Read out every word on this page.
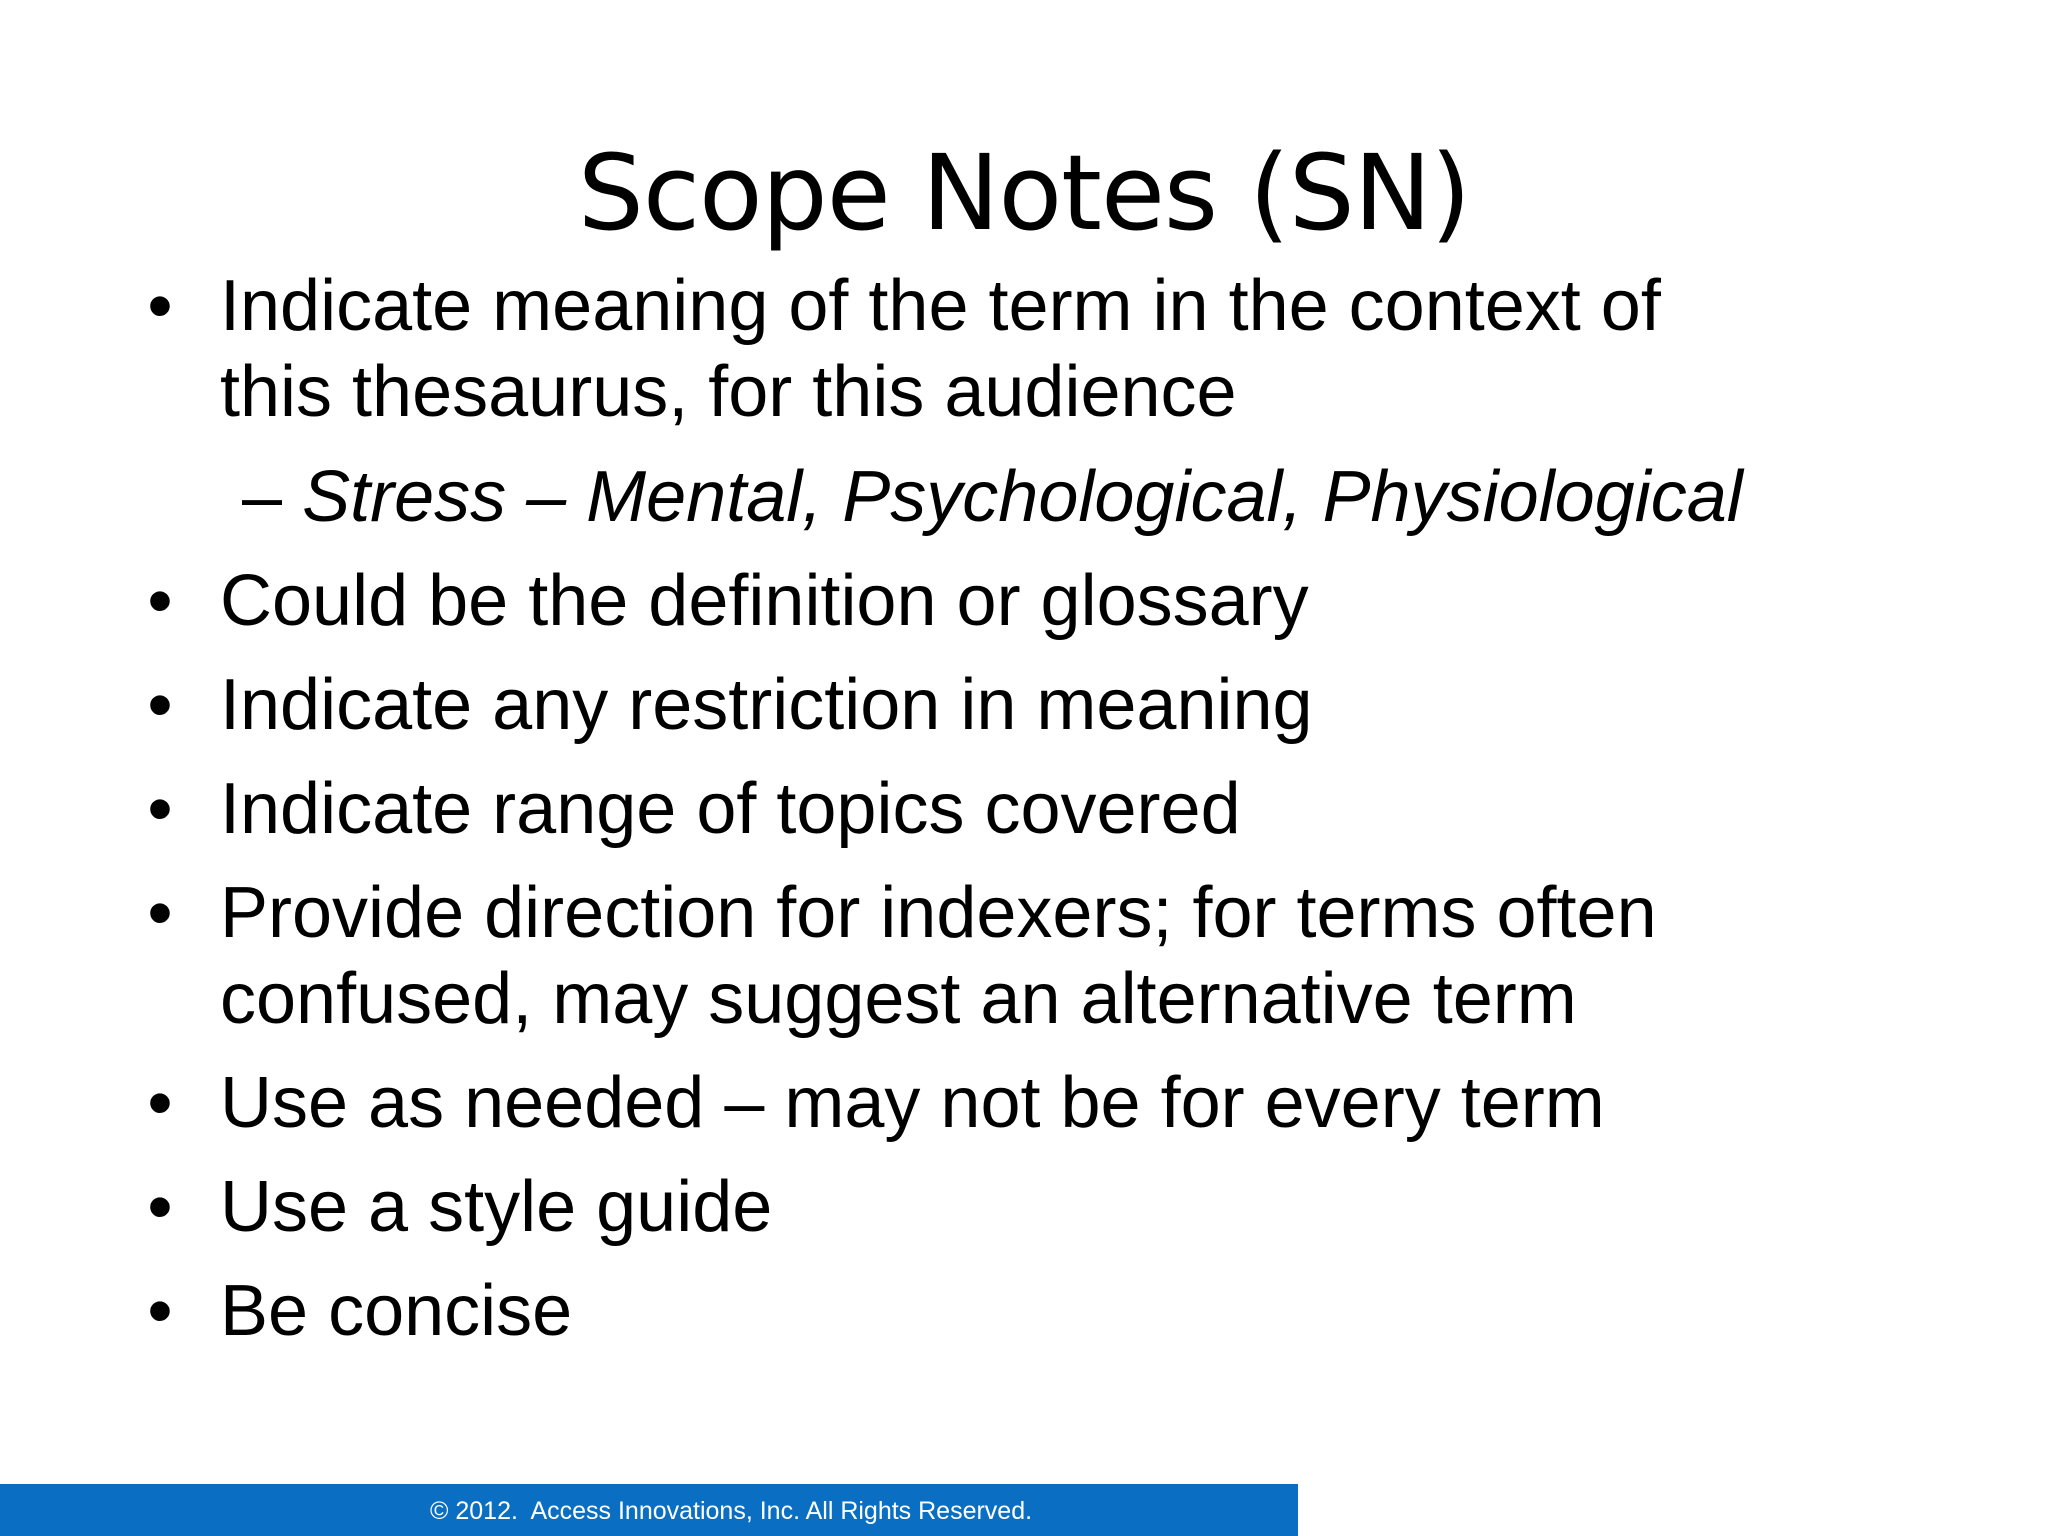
Scope Notes (SN)
• Indicate meaning of the term in the context of
this thesaurus, for this audience
– Stress – Mental, Psychological, Physiological
• Could be the definition or glossary
• Indicate any restriction in meaning
• Indicate range of topics covered
• Provide direction for indexers; for terms often
confused, may suggest an alternative term
• Use as needed – may not be for every term
• Use a style guide
• Be concise
© 2012.  Access Innovations, Inc. All Rights Reserved.
